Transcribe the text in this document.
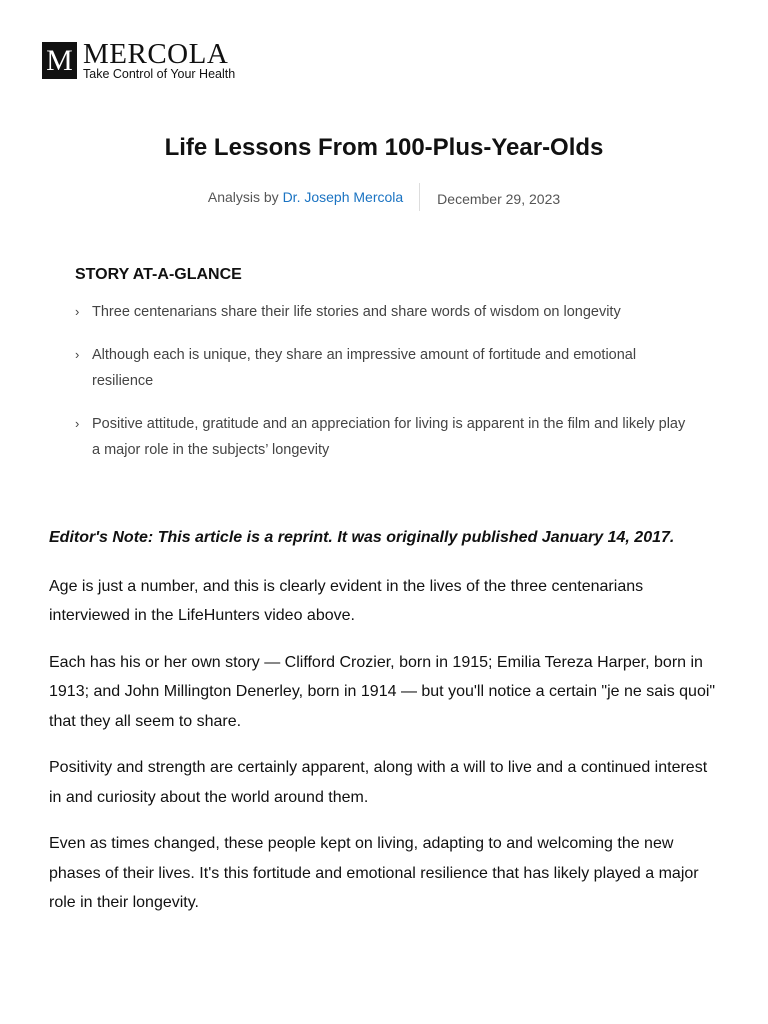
M MERCOLA
Take Control of Your Health
Life Lessons From 100-Plus-Year-Olds
Analysis by Dr. Joseph Mercola	December 29, 2023
STORY AT-A-GLANCE
› Three centenarians share their life stories and share words of wisdom on longevity
› Although each is unique, they share an impressive amount of fortitude and emotional resilience
› Positive attitude, gratitude and an appreciation for living is apparent in the film and likely play a major role in the subjects’ longevity

Editor's Note: This article is a reprint. It was originally published January 14, 2017.

Age is just a number, and this is clearly evident in the lives of the three centenarians interviewed in the LifeHunters video above.

Each has his or her own story — Clifford Crozier, born in 1915; Emilia Tereza Harper, born in 1913; and John Millington Denerley, born in 1914 — but you'll notice a certain "je ne sais quoi" that they all seem to share.

Positivity and strength are certainly apparent, along with a will to live and a continued interest in and curiosity about the world around them.

Even as times changed, these people kept on living, adapting to and welcoming the new phases of their lives. It's this fortitude and emotional resilience that has likely played a major role in their longevity.
